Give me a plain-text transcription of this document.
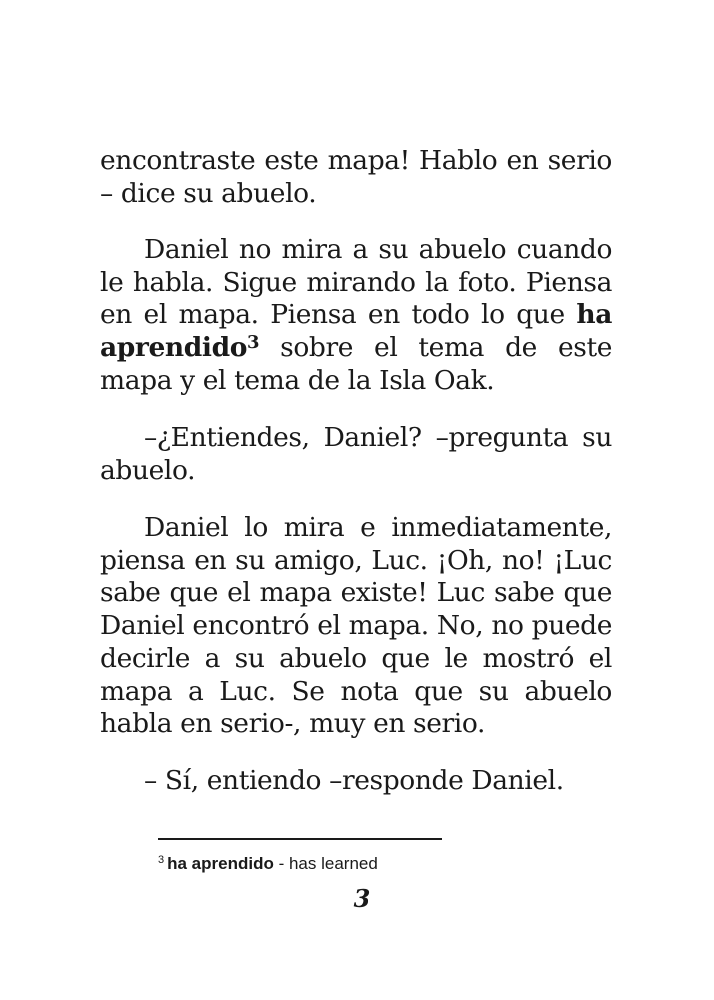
encontraste este mapa! Hablo en serio – dice su abuelo.

Daniel no mira a su abuelo cuando le habla. Sigue mirando la foto. Piensa en el mapa. Piensa en todo lo que ha aprendido$^3$ sobre el tema de este mapa y el tema de la Isla Oak.

–¿Entiendes, Daniel? –pregunta su abuelo.

Daniel lo mira e inmediatamente, piensa en su amigo, Luc. ¡Oh, no! ¡Luc sabe que el mapa existe! Luc sabe que Daniel encontró el mapa. No, no puede decirle a su abuelo que le mostró el mapa a Luc. Se nota que su abuelo habla en serio-, muy en serio.

– Sí, entiendo –responde Daniel.

$^3$ ha aprendido - has learned
3
